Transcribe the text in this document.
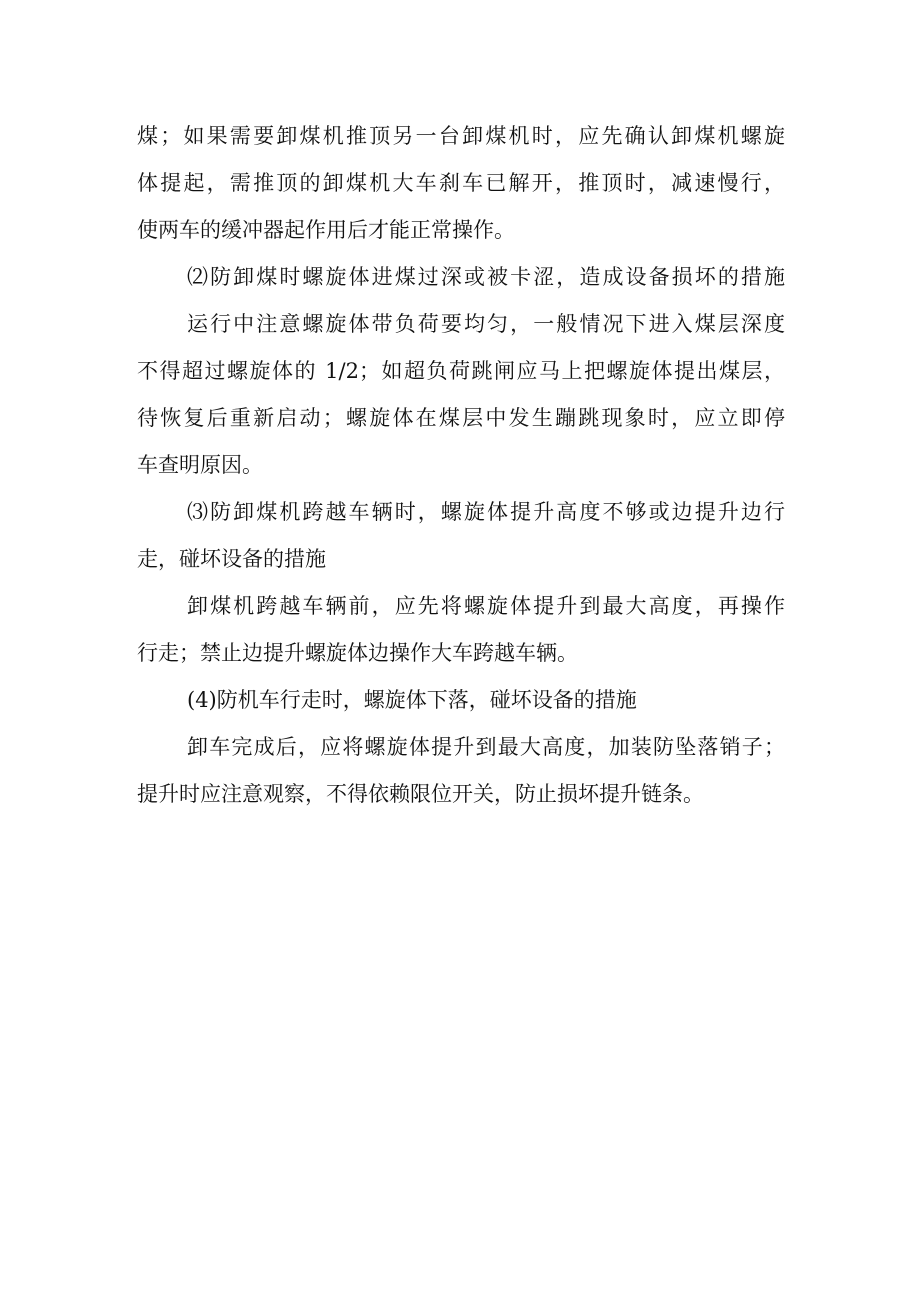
煤；如果需要卸煤机推顶另一台卸煤机时，应先确认卸煤机螺旋
体提起，需推顶的卸煤机大车刹车已解开，推顶时，减速慢行，
使两车的缓冲器起作用后才能正常操作。
⑵防卸煤时螺旋体进煤过深或被卡涩，造成设备损坏的措施
运行中注意螺旋体带负荷要均匀，一般情况下进入煤层深度
不得超过螺旋体的 1/2；如超负荷跳闸应马上把螺旋体提出煤层，
待恢复后重新启动；螺旋体在煤层中发生蹦跳现象时，应立即停
车查明原因。
⑶防卸煤机跨越车辆时，螺旋体提升高度不够或边提升边行
走，碰坏设备的措施
卸煤机跨越车辆前，应先将螺旋体提升到最大高度，再操作
行走；禁止边提升螺旋体边操作大车跨越车辆。
(4)防机车行走时，螺旋体下落，碰坏设备的措施
卸车完成后，应将螺旋体提升到最大高度，加装防坠落销子；
提升时应注意观察，不得依赖限位开关，防止损坏提升链条。
